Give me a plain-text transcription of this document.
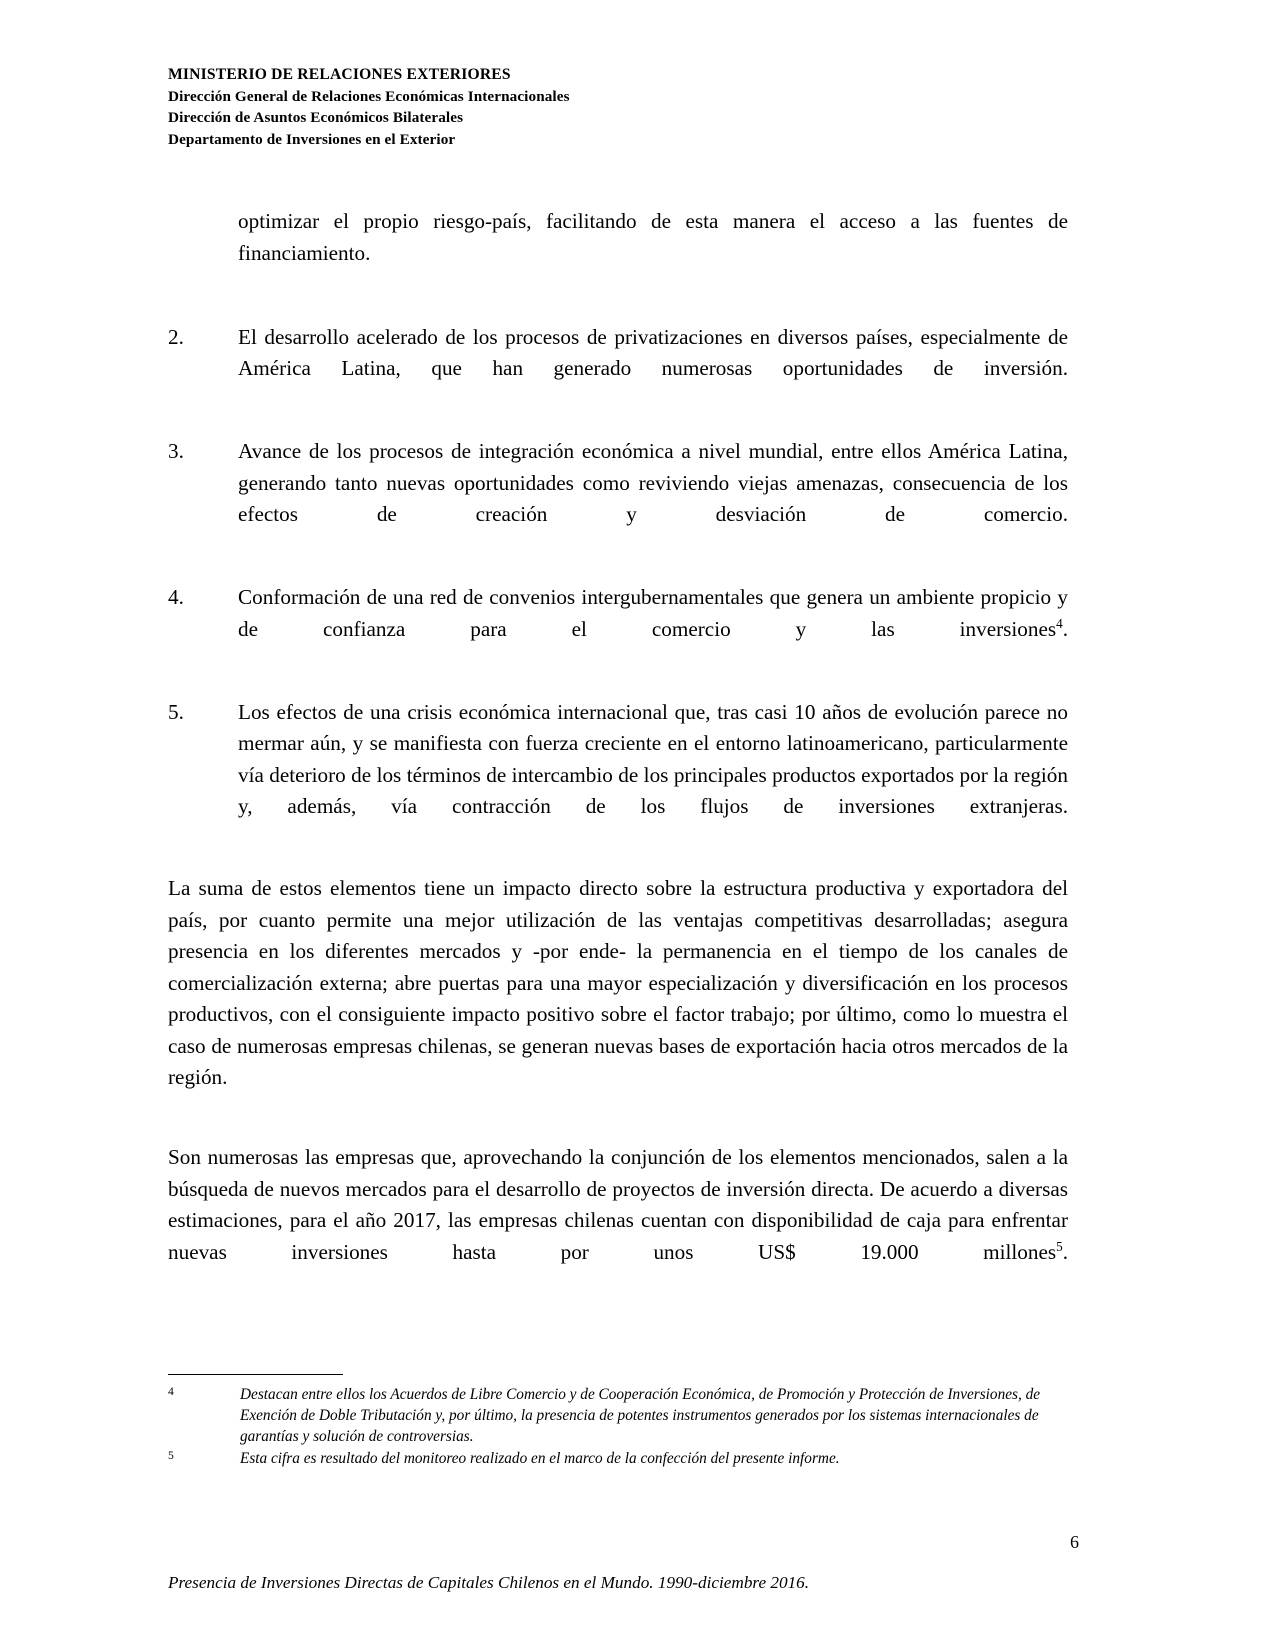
MINISTERIO DE RELACIONES EXTERIORES
Dirección General de Relaciones Económicas Internacionales
Dirección de Asuntos Económicos Bilaterales
Departamento de Inversiones en el Exterior

optimizar el propio riesgo-país, facilitando de esta manera el acceso a las fuentes de financiamiento.

2.	El desarrollo acelerado de los procesos de privatizaciones en diversos países, especialmente de América Latina, que han generado numerosas oportunidades de inversión.
3.	Avance de los procesos de integración económica a nivel mundial, entre ellos América Latina, generando tanto nuevas oportunidades como reviviendo viejas amenazas, consecuencia de los efectos de creación y desviación de comercio.
4.	Conformación de una red de convenios intergubernamentales que genera un ambiente propicio y de confianza para el comercio y las inversiones$^4$.
5.	Los efectos de una crisis económica internacional que, tras casi 10 años de evolución parece no mermar aún, y se manifiesta con fuerza creciente en el entorno latinoamericano, particularmente vía deterioro de los términos de intercambio de los principales productos exportados por la región y, además, vía contracción de los flujos de inversiones extranjeras.

La suma de estos elementos tiene un impacto directo sobre la estructura productiva y exportadora del país, por cuanto permite una mejor utilización de las ventajas competitivas desarrolladas; asegura presencia en los diferentes mercados y -por ende- la permanencia en el tiempo de los canales de comercialización externa; abre puertas para una mayor especialización y diversificación en los procesos productivos, con el consiguiente impacto positivo sobre el factor trabajo; por último, como lo muestra el caso de numerosas empresas chilenas, se generan nuevas bases de exportación hacia otros mercados de la región.

Son numerosas las empresas que, aprovechando la conjunción de los elementos mencionados, salen a la búsqueda de nuevos mercados para el desarrollo de proyectos de inversión directa. De acuerdo a diversas estimaciones, para el año 2017, las empresas chilenas cuentan con disponibilidad de caja para enfrentar nuevas inversiones hasta por unos US$ 19.000 millones$^5$.

4	Destacan entre ellos los Acuerdos de Libre Comercio y de Cooperación Económica, de Promoción y Protección de Inversiones, de Exención de Doble Tributación y, por último, la presencia de potentes instrumentos generados por los sistemas internacionales de garantías y solución de controversias.
5	Esta cifra es resultado del monitoreo realizado en el marco de la confección del presente informe.
6
Presencia de Inversiones Directas de Capitales Chilenos en el Mundo. 1990-diciembre 2016.
